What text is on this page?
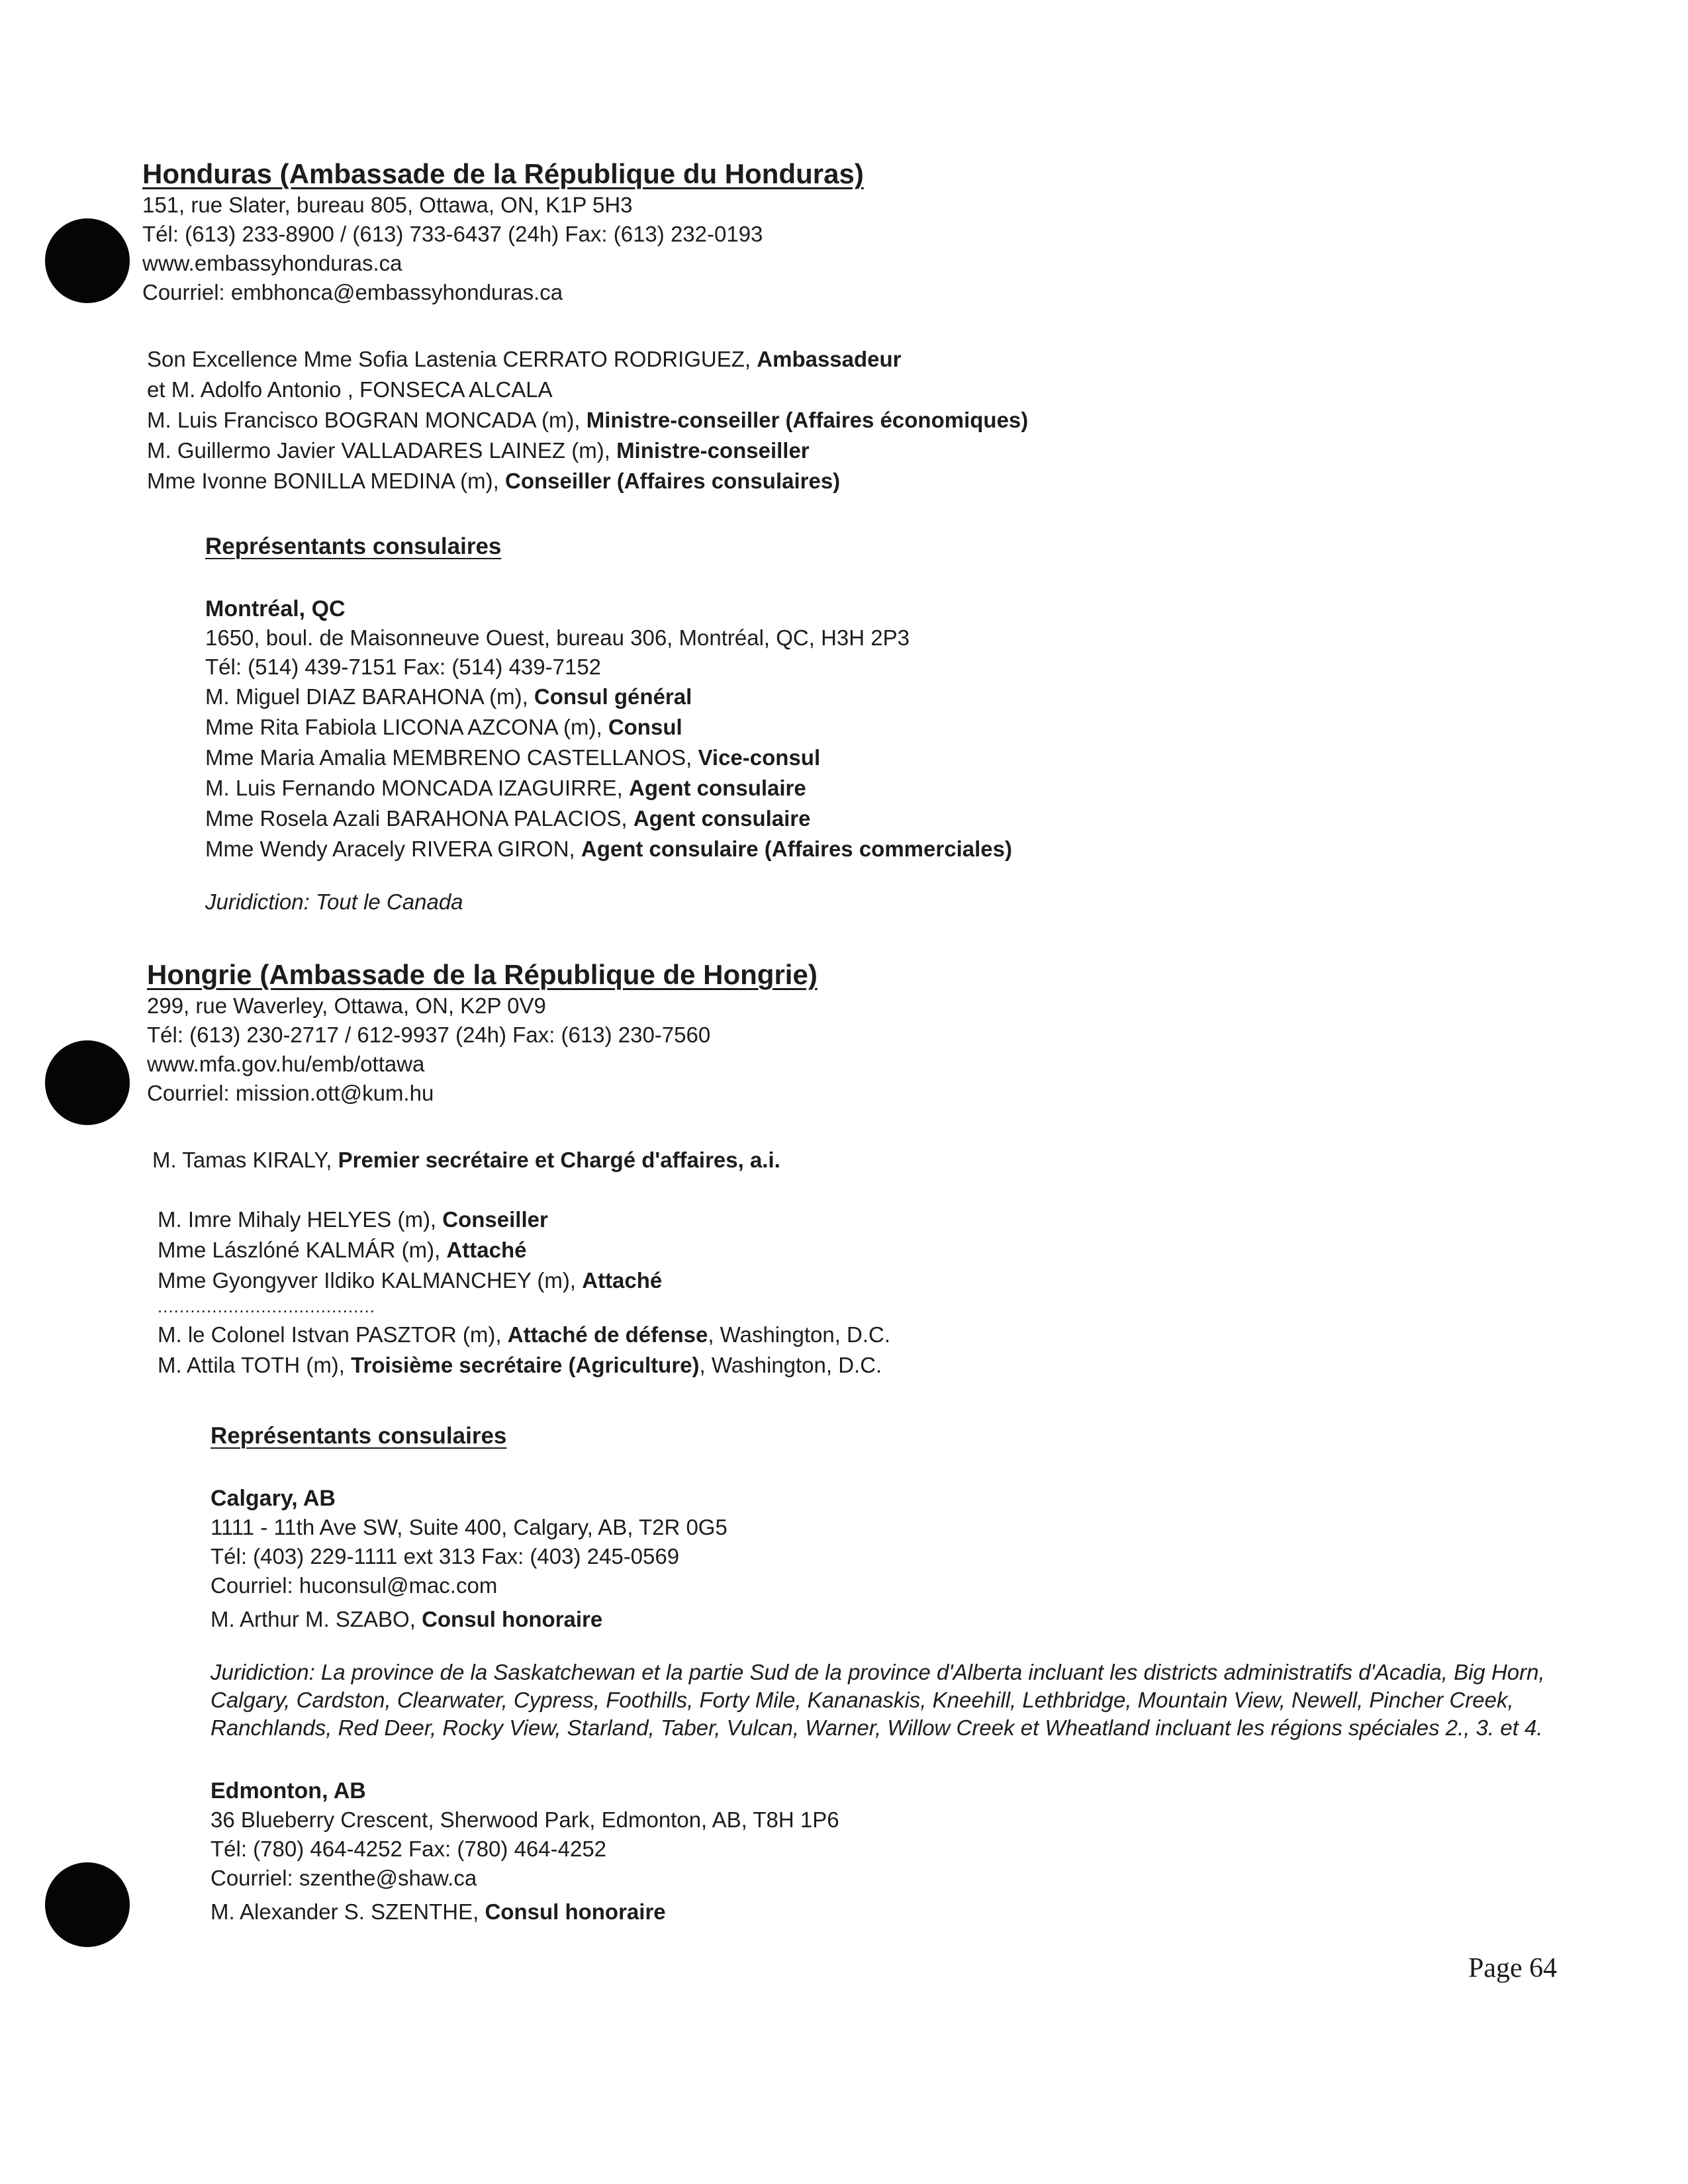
Honduras (Ambassade de la République du Honduras)
151, rue Slater, bureau 805, Ottawa, ON, K1P 5H3
Tél: (613) 233-8900 / (613) 733-6437 (24h) Fax: (613) 232-0193
www.embassyhonduras.ca
Courriel: embhonca@embassyhonduras.ca
Son Excellence Mme Sofia Lastenia CERRATO RODRIGUEZ, Ambassadeur
et M. Adolfo Antonio , FONSECA ALCALA
M. Luis Francisco BOGRAN MONCADA (m), Ministre-conseiller (Affaires économiques)
M. Guillermo Javier VALLADARES LAINEZ (m), Ministre-conseiller
Mme Ivonne BONILLA MEDINA (m), Conseiller (Affaires consulaires)
Représentants consulaires
Montréal, QC
1650, boul. de Maisonneuve Ouest, bureau 306, Montréal, QC, H3H 2P3
Tél: (514) 439-7151 Fax: (514) 439-7152
M. Miguel DIAZ BARAHONA (m), Consul général
Mme Rita Fabiola LICONA AZCONA (m), Consul
Mme Maria Amalia MEMBRENO CASTELLANOS, Vice-consul
M. Luis Fernando MONCADA IZAGUIRRE, Agent consulaire
Mme Rosela Azali BARAHONA PALACIOS, Agent consulaire
Mme Wendy Aracely RIVERA GIRON, Agent consulaire (Affaires commerciales)
Juridiction: Tout le Canada
Hongrie (Ambassade de la République de Hongrie)
299, rue Waverley, Ottawa, ON, K2P 0V9
Tél: (613) 230-2717 / 612-9937 (24h) Fax: (613) 230-7560
www.mfa.gov.hu/emb/ottawa
Courriel: mission.ott@kum.hu
M. Tamas KIRALY, Premier secrétaire et Chargé d'affaires, a.i.
M. Imre Mihaly HELYES (m), Conseiller
Mme Lászlóné KALMÁR (m), Attaché
Mme Gyongyver Ildiko KALMANCHEY (m), Attaché
........................................
M. le Colonel Istvan PASZTOR (m), Attaché de défense, Washington, D.C.
M. Attila TOTH (m), Troisième secrétaire (Agriculture), Washington, D.C.
Représentants consulaires
Calgary, AB
1111 - 11th Ave SW, Suite 400, Calgary, AB, T2R 0G5
Tél: (403) 229-1111 ext 313 Fax: (403) 245-0569
Courriel: huconsul@mac.com
M. Arthur M. SZABO, Consul honoraire
Juridiction: La province de la Saskatchewan et la partie Sud de la province d'Alberta incluant les districts administratifs d'Acadia, Big Horn, Calgary, Cardston, Clearwater, Cypress, Foothills, Forty Mile, Kananaskis, Kneehill, Lethbridge, Mountain View, Newell, Pincher Creek, Ranchlands, Red Deer, Rocky View, Starland, Taber, Vulcan, Warner, Willow Creek et Wheatland incluant les régions spéciales 2., 3. et 4.
Edmonton, AB
36 Blueberry Crescent, Sherwood Park, Edmonton, AB, T8H 1P6
Tél: (780) 464-4252 Fax: (780) 464-4252
Courriel: szenthe@shaw.ca
M. Alexander S. SZENTHE, Consul honoraire
Page 64
